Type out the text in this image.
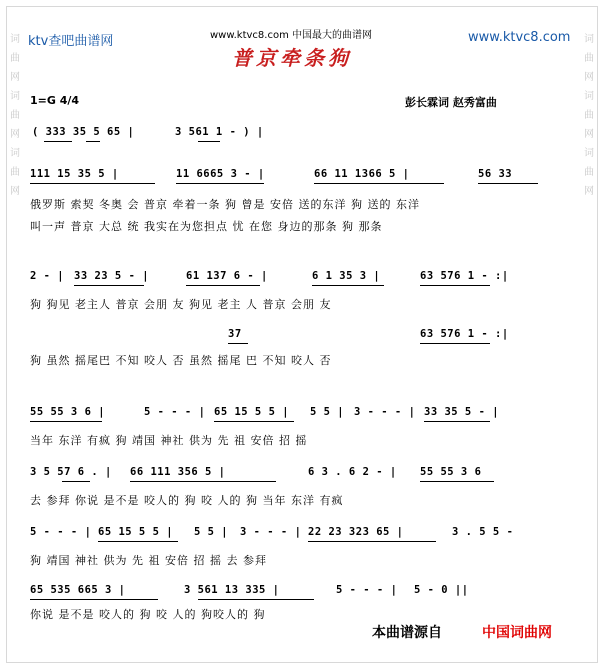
词曲网词曲网词曲网
词曲网词曲网词曲网
ktv查吧曲谱网	www.ktvc8.com
www.ktvc8.com 中国最大的曲谱网
普京牵条狗
1=G 4/4	彭长霖词 赵秀富曲
( 333 35 5 65 |	3 561 1 - ) |
111 15 35 5 |	11 6665 3 - |	66 11 1366 5 |	56 33
俄罗斯 索契 冬奥 会 普京 牵着一条 狗 曾是 安倍 送的东洋 狗 送的 东洋
叫一声 普京 大总 统 我实在为您担点 忧 在您 身边的那条 狗 那条
2 - | 33 23 5 - |	61 137 6 - |	6 1 35 3 |	63 576 1 - :|
狗 狗见 老主人 普京 会朋 友 狗见 老主 人 普京 会朋 友
37	63 576 1 - :|
狗 虽然 摇尾巴 不知 咬人 否 虽然 摇尾 巴 不知 咬人 否
55 55 3 6 |	5 - - - | 65 15 5 5 | 5 5 | 3 - - - | 33 35 5 - |
当年 东洋 有疯 狗 靖国 神社 供为 先 祖 安倍 招 摇
3 5 57 6 . | 66 111 356 5 |	6 3 . 6 2 - | 55 55 3 6
去 参拜 你说 是不是 咬人的 狗 咬 人的 狗 当年 东洋 有疯
5 - - - | 65 15 5 5 | 5 5 | 3 - - - | 22 23 323 65 |	3 . 5 5 -
狗 靖国 神社 供为 先 祖 安倍 招 摇 去 参拜
65 535 665 3 |	3 561 13 335 |	5 - - - | 5 - 0 ||
你说 是不是 咬人的 狗 咬 人的 狗咬人的 狗
本曲谱源自	中国词曲网
